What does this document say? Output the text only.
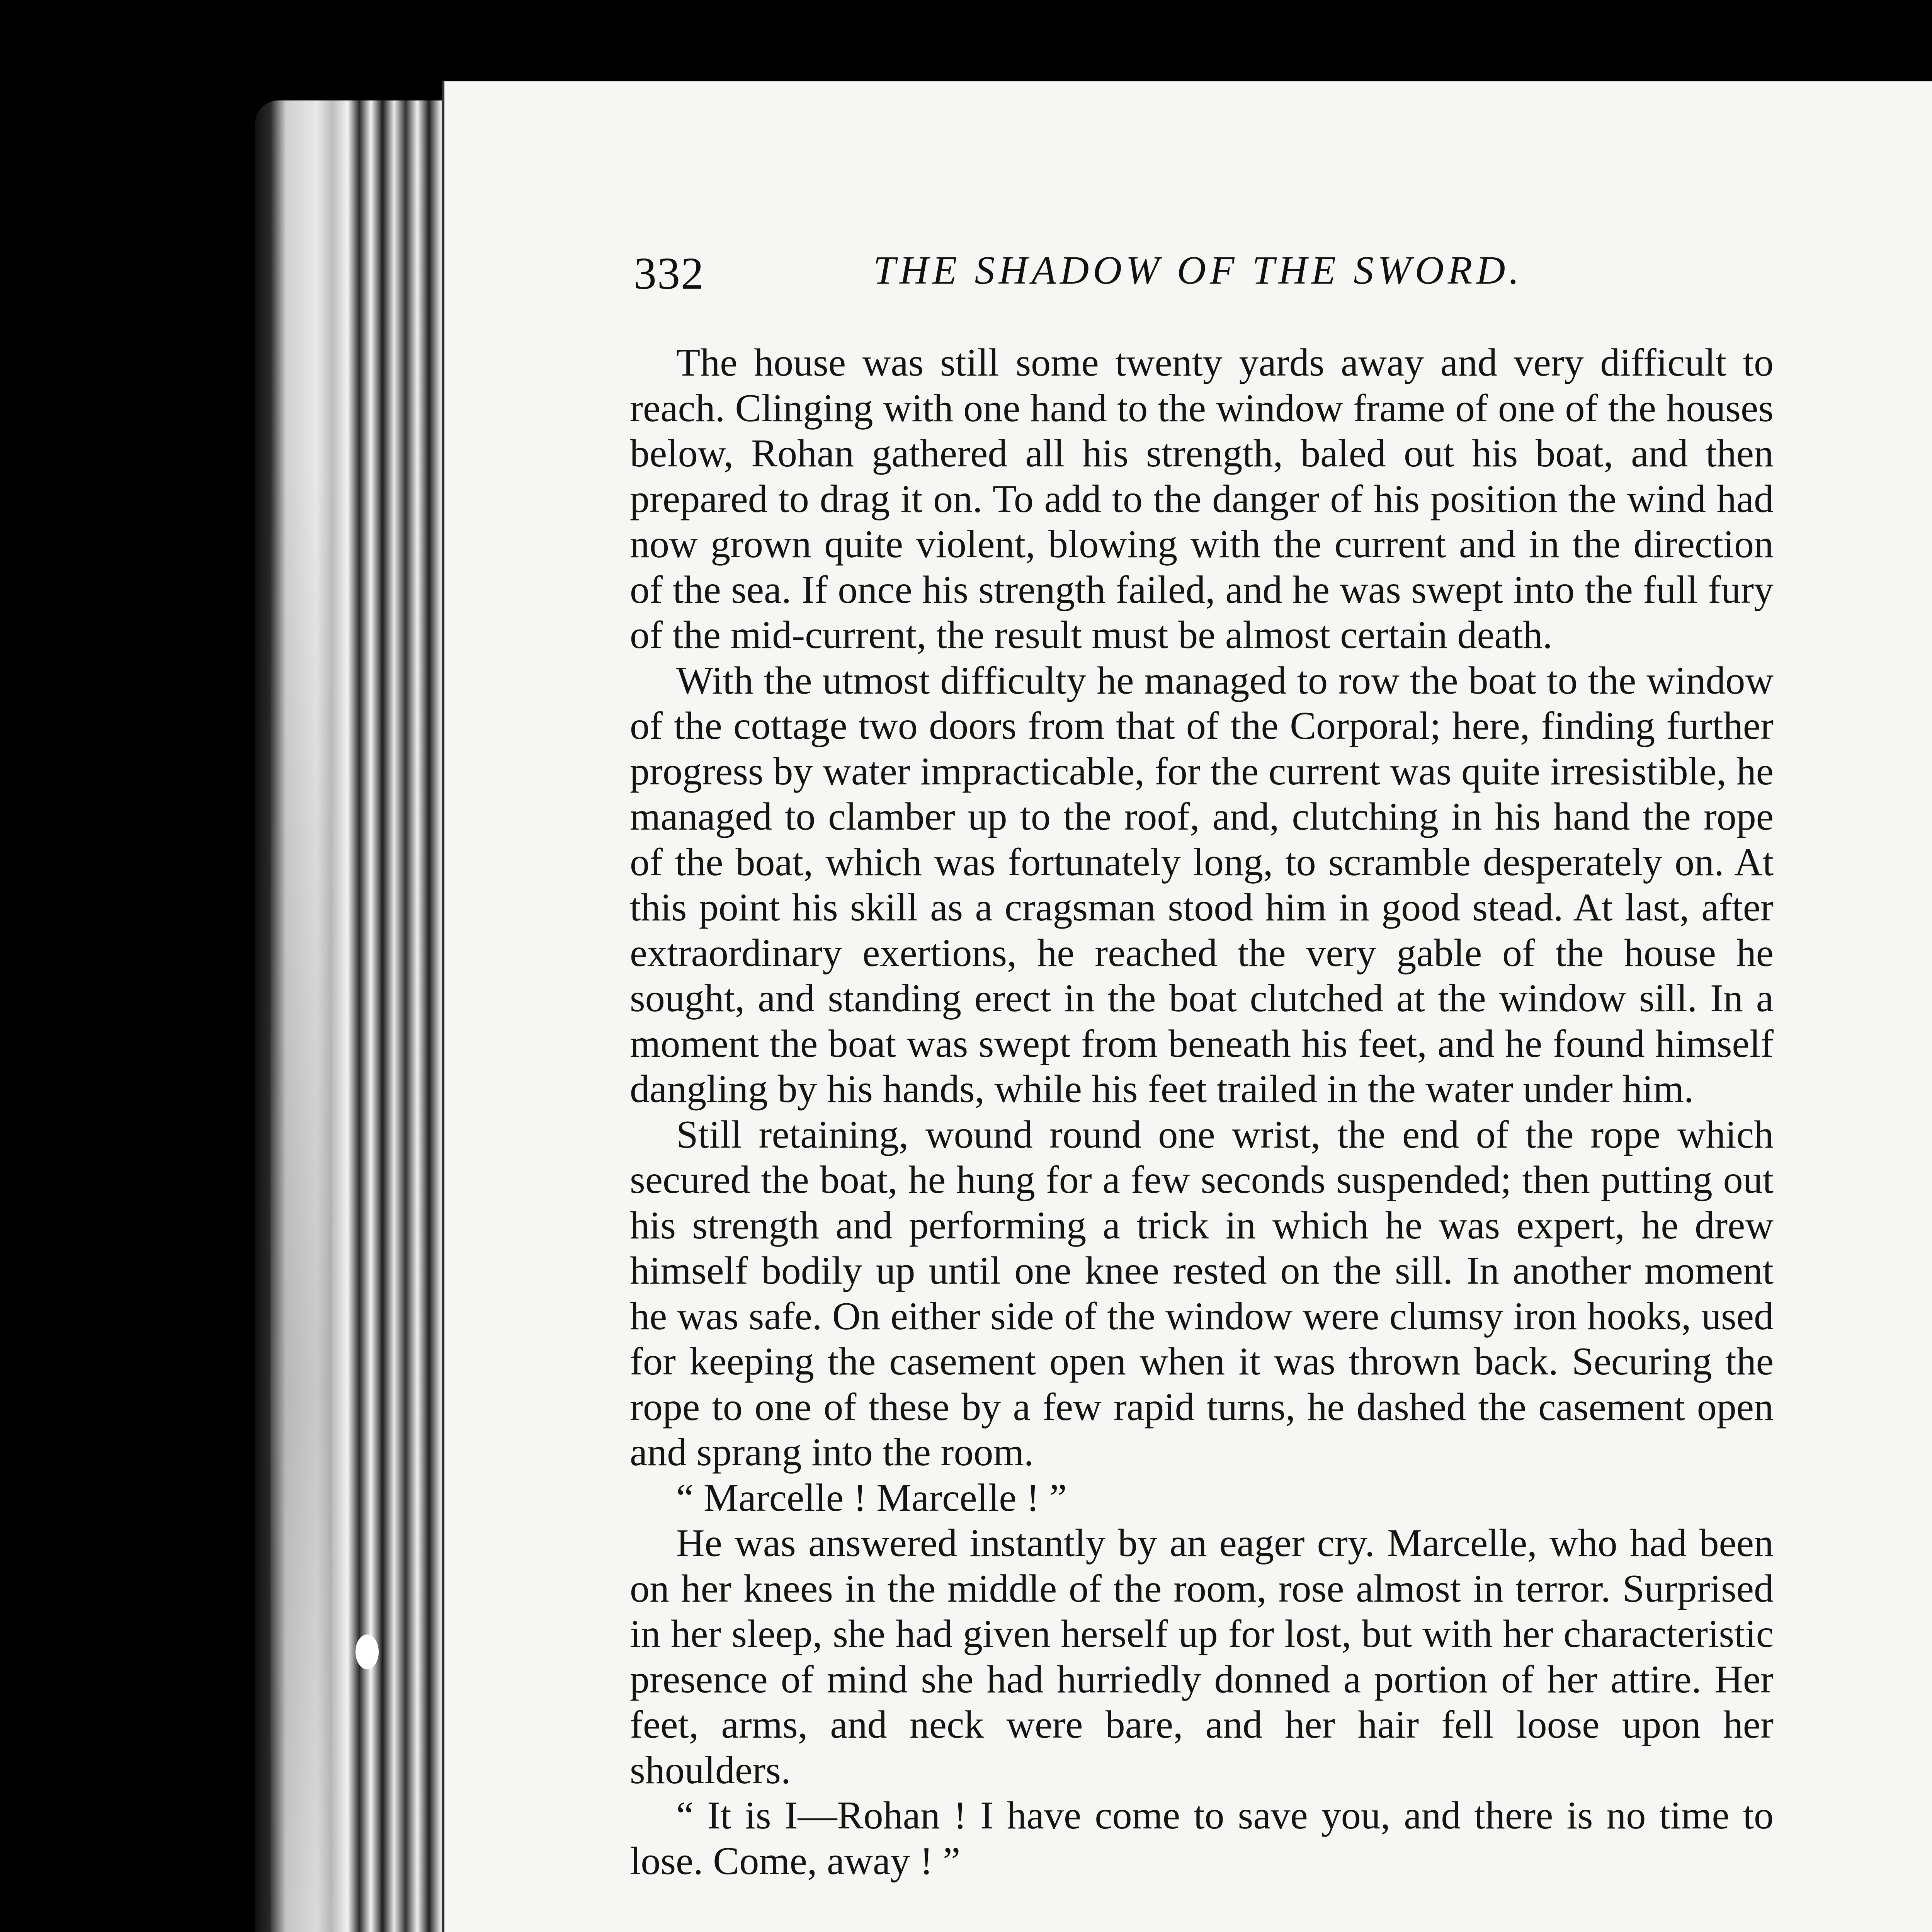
332	THE SHADOW OF THE SWORD.

The house was still some twenty yards away and very difficult to reach. Clinging with one hand to the window frame of one of the houses below, Rohan gathered all his strength, baled out his boat, and then prepared to drag it on. To add to the danger of his position the wind had now grown quite violent, blowing with the current and in the direction of the sea. If once his strength failed, and he was swept into the full fury of the mid-current, the result must be almost certain death.

With the utmost difficulty he managed to row the boat to the window of the cottage two doors from that of the Corporal; here, finding further progress by water impracticable, for the current was quite irresistible, he managed to clamber up to the roof, and, clutching in his hand the rope of the boat, which was fortunately long, to scramble desperately on. At this point his skill as a cragsman stood him in good stead. At last, after extraordinary exertions, he reached the very gable of the house he sought, and standing erect in the boat clutched at the window sill. In a moment the boat was swept from beneath his feet, and he found himself dangling by his hands, while his feet trailed in the water under him.

Still retaining, wound round one wrist, the end of the rope which secured the boat, he hung for a few seconds suspended; then putting out his strength and performing a trick in which he was expert, he drew himself bodily up until one knee rested on the sill. In another moment he was safe. On either side of the window were clumsy iron hooks, used for keeping the casement open when it was thrown back. Securing the rope to one of these by a few rapid turns, he dashed the casement open and sprang into the room.

“ Marcelle ! Marcelle ! ”

He was answered instantly by an eager cry. Marcelle, who had been on her knees in the middle of the room, rose almost in terror. Surprised in her sleep, she had given herself up for lost, but with her characteristic presence of mind she had hurriedly donned a portion of her attire. Her feet, arms, and neck were bare, and her hair fell loose upon her shoulders.

“ It is I—Rohan ! I have come to save you, and there is no time to lose. Come, away ! ”
